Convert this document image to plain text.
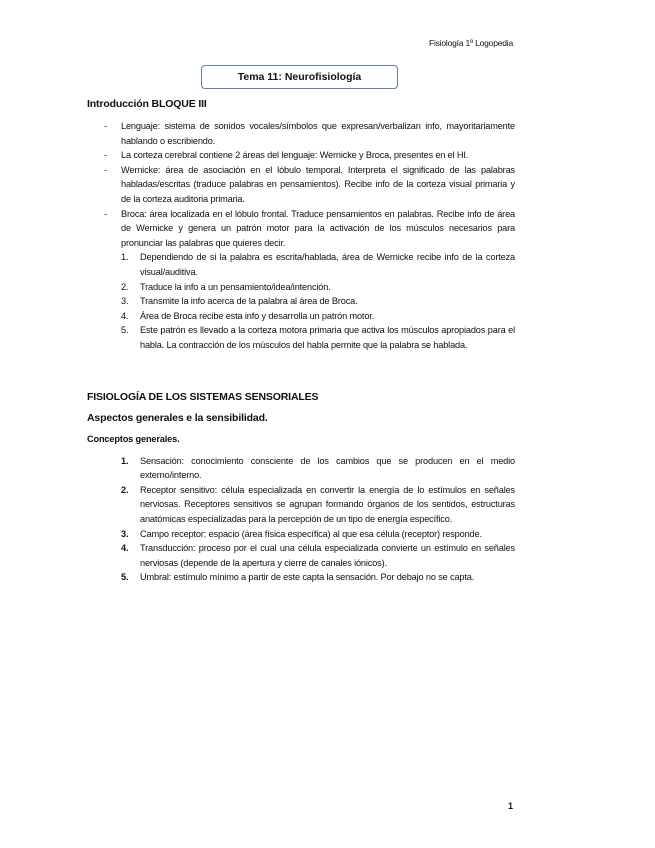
Fisiología 1º Logopedia
Tema 11: Neurofisiología
Introducción BLOQUE III
- Lenguaje: sistema de sonidos vocales/símbolos que expresan/verbalizan info, mayoritariamente hablando o escribiendo.
- La corteza cerebral contiene 2 áreas del lenguaje: Wernicke y Broca, presentes en el HI.
- Wernicke: área de asociación en el lóbulo temporal. Interpreta el significado de las palabras habladas/escritas (traduce palabras en pensamientos). Recibe info de la corteza visual primaria y de la corteza auditoria primaria.
- Broca: área localizada en el lóbulo frontal. Traduce pensamientos en palabras. Recibe info de área de Wernicke y genera un patrón motor para la activación de los músculos necesarios para pronunciar las palabras que quieres decir.
1. Dependiendo de si la palabra es escrita/hablada, área de Wernicke recibe info de la corteza visual/auditiva.
2. Traduce la info a un pensamiento/idea/intención.
3. Transmite la info acerca de la palabra al área de Broca.
4. Área de Broca recibe esta info y desarrolla un patrón motor.
5. Este patrón es llevado a la corteza motora primaria que activa los músculos apropiados para el habla. La contracción de los músculos del habla permite que la palabra se hablada.
FISIOLOGÍA DE LOS SISTEMAS SENSORIALES

Aspectos generales e la sensibilidad.

Conceptos generales.

1. Sensación: conocimiento consciente de los cambios que se producen en el medio externo/interno.
2. Receptor sensitivo: célula especializada en convertir la energía de lo estímulos en señales nerviosas. Receptores sensitivos se agrupan formando órganos de los sentidos, estructuras anatómicas especializadas para la percepción de un tipo de energía específico.
3. Campo receptor: espacio (área física específica) al que esa célula (receptor) responde.
4. Transducción: proceso por el cual una célula especializada convierte un estímulo en señales nerviosas (depende de la apertura y cierre de canales iónicos).
5. Umbral: estímulo mínimo a partir de este capta la sensación. Por debajo no se capta.
1
